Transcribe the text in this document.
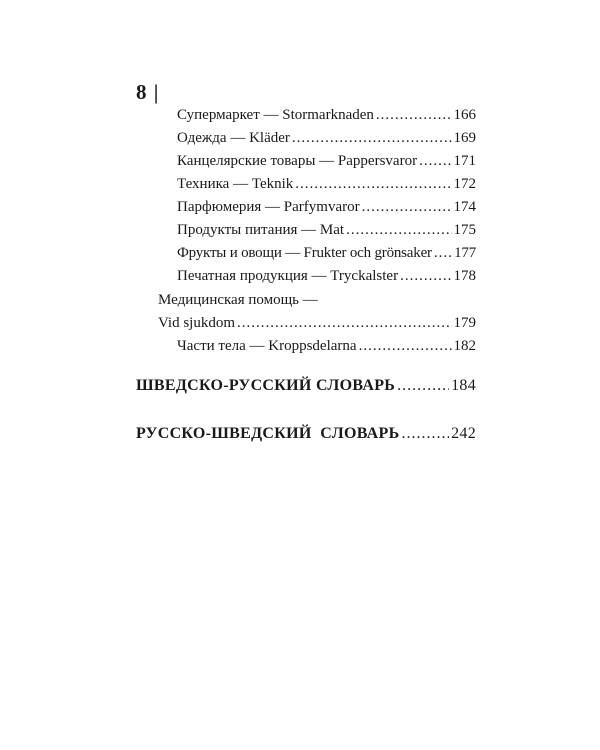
8 |
Супермаркет — Stormarknaden .....	166
Одежда — Kläder .....	169
Канцелярские товары — Pappersvaror ..... 171
Техника — Teknik .....	172
Парфюмерия — Parfymvaror .....	174
Продукты питания — Mat .....	175
Фрукты и овощи — Frukter och grönsaker ..... 177
Печатная продукция — Tryckalster .....	178
Медицинская помощь —
Vid sjukdom .....	179
Части тела — Kroppsdelarna .....	182
ШВЕДСКО-РУССКИЙ СЛОВАРЬ .....	184
РУССКО-ШВЕДСКИЙ  СЛОВАРЬ .....	242
